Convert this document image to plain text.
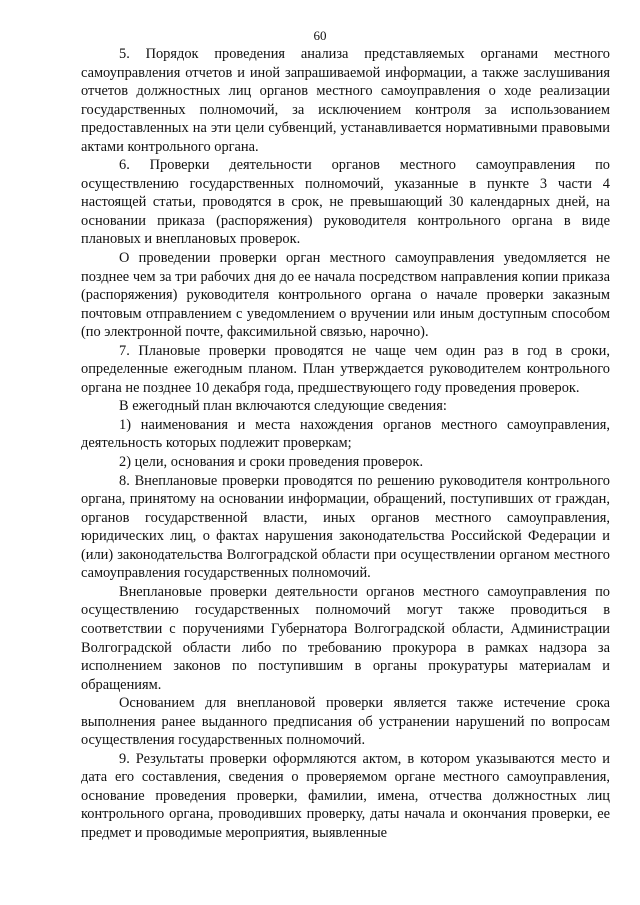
60

5. Порядок проведения анализа представляемых органами местного самоуправления отчетов и иной запрашиваемой информации, а также заслушивания отчетов должностных лиц органов местного самоуправления о ходе реализации государственных полномочий, за исключением контроля за использованием предоставленных на эти цели субвенций, устанавливается нормативными правовыми актами контрольного органа.

6. Проверки деятельности органов местного самоуправления по осуществлению государственных полномочий, указанные в пункте 3 части 4 настоящей статьи, проводятся в срок, не превышающий 30 календарных дней, на основании приказа (распоряжения) руководителя контрольного органа в виде плановых и внеплановых проверок.

О проведении проверки орган местного самоуправления уведомляется не позднее чем за три рабочих дня до ее начала посредством направления копии приказа (распоряжения) руководителя контрольного органа о начале проверки заказным почтовым отправлением с уведомлением о вручении или иным доступным способом (по электронной почте, факсимильной связью, нарочно).

7. Плановые проверки проводятся не чаще чем один раз в год в сроки, определенные ежегодным планом. План утверждается руководителем контрольного органа не позднее 10 декабря года, предшествующего году проведения проверок.

В ежегодный план включаются следующие сведения:

1) наименования и места нахождения органов местного самоуправления, деятельность которых подлежит проверкам;

2) цели, основания и сроки проведения проверок.

8. Внеплановые проверки проводятся по решению руководителя контрольного органа, принятому на основании информации, обращений, поступивших от граждан, органов государственной власти, иных органов местного самоуправления, юридических лиц, о фактах нарушения законодательства Российской Федерации и (или) законодательства Волгоградской области при осуществлении органом местного самоуправления государственных полномочий.

Внеплановые проверки деятельности органов местного самоуправления по осуществлению государственных полномочий могут также проводиться в соответствии с поручениями Губернатора Волгоградской области, Администрации Волгоградской области либо по требованию прокурора в рамках надзора за исполнением законов по поступившим в органы прокуратуры материалам и обращениям.

Основанием для внеплановой проверки является также истечение срока выполнения ранее выданного предписания об устранении нарушений по вопросам осуществления государственных полномочий.

9. Результаты проверки оформляются актом, в котором указываются место и дата его составления, сведения о проверяемом органе местного самоуправления, основание проведения проверки, фамилии, имена, отчества должностных лиц контрольного органа, проводивших проверку, даты начала и окончания проверки, ее предмет и проводимые мероприятия, выявленные
